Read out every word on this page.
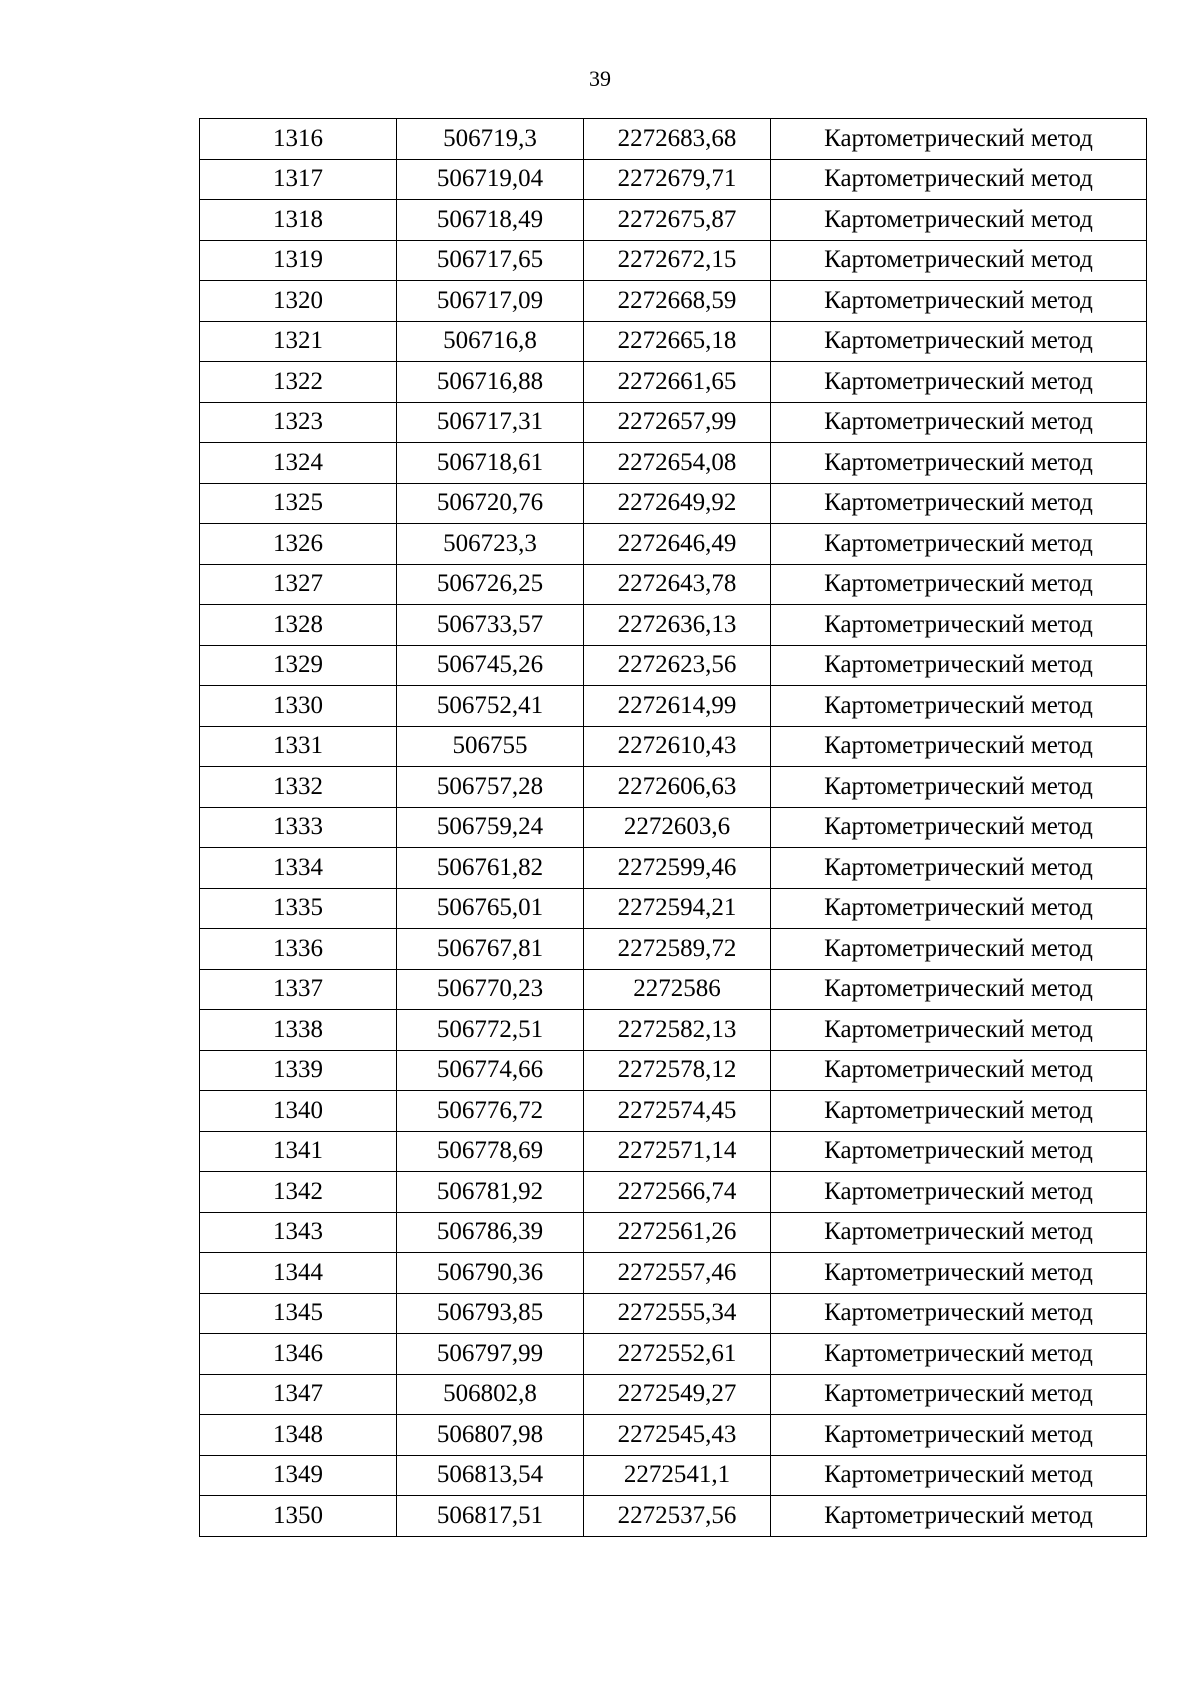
39
1316	506719,3	2272683,68	Картометрический метод
1317	506719,04	2272679,71	Картометрический метод
1318	506718,49	2272675,87	Картометрический метод
1319	506717,65	2272672,15	Картометрический метод
1320	506717,09	2272668,59	Картометрический метод
1321	506716,8	2272665,18	Картометрический метод
1322	506716,88	2272661,65	Картометрический метод
1323	506717,31	2272657,99	Картометрический метод
1324	506718,61	2272654,08	Картометрический метод
1325	506720,76	2272649,92	Картометрический метод
1326	506723,3	2272646,49	Картометрический метод
1327	506726,25	2272643,78	Картометрический метод
1328	506733,57	2272636,13	Картометрический метод
1329	506745,26	2272623,56	Картометрический метод
1330	506752,41	2272614,99	Картометрический метод
1331	506755	2272610,43	Картометрический метод
1332	506757,28	2272606,63	Картометрический метод
1333	506759,24	2272603,6	Картометрический метод
1334	506761,82	2272599,46	Картометрический метод
1335	506765,01	2272594,21	Картометрический метод
1336	506767,81	2272589,72	Картометрический метод
1337	506770,23	2272586	Картометрический метод
1338	506772,51	2272582,13	Картометрический метод
1339	506774,66	2272578,12	Картометрический метод
1340	506776,72	2272574,45	Картометрический метод
1341	506778,69	2272571,14	Картометрический метод
1342	506781,92	2272566,74	Картометрический метод
1343	506786,39	2272561,26	Картометрический метод
1344	506790,36	2272557,46	Картометрический метод
1345	506793,85	2272555,34	Картометрический метод
1346	506797,99	2272552,61	Картометрический метод
1347	506802,8	2272549,27	Картометрический метод
1348	506807,98	2272545,43	Картометрический метод
1349	506813,54	2272541,1	Картометрический метод
1350	506817,51	2272537,56	Картометрический метод
